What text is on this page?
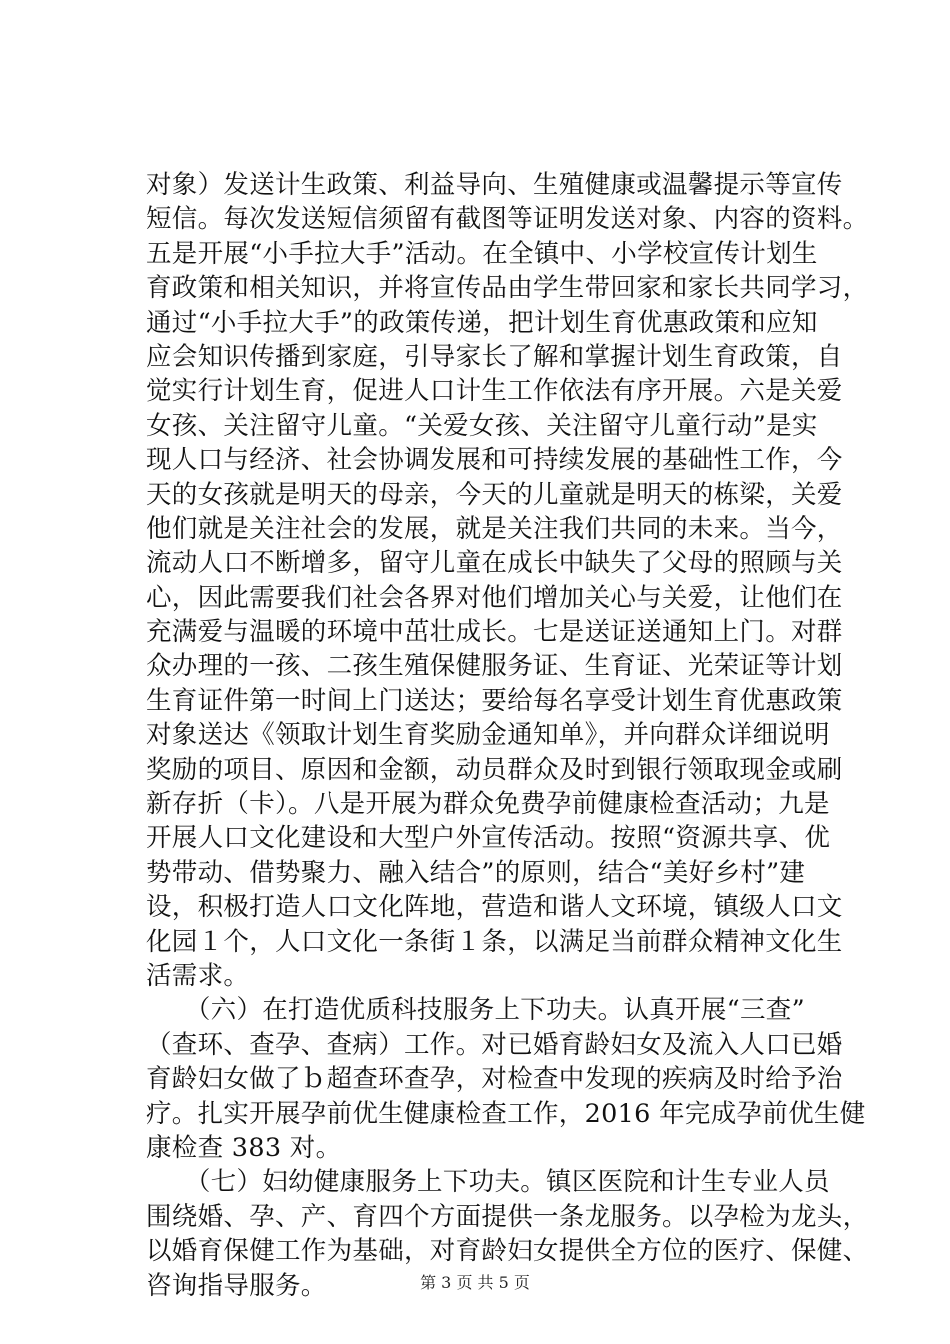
对象）发送计生政策、利益导向、生殖健康或温馨提示等宣传
短信。每次发送短信须留有截图等证明发送对象、内容的资料。
五是开展“小手拉大手”活动。在全镇中、小学校宣传计划生
育政策和相关知识，并将宣传品由学生带回家和家长共同学习，
通过“小手拉大手”的政策传递，把计划生育优惠政策和应知
应会知识传播到家庭，引导家长了解和掌握计划生育政策，自
觉实行计划生育，促进人口计生工作依法有序开展。六是关爱
女孩、关注留守儿童。“关爱女孩、关注留守儿童行动”是实
现人口与经济、社会协调发展和可持续发展的基础性工作，今
天的女孩就是明天的母亲，今天的儿童就是明天的栋梁，关爱
他们就是关注社会的发展，就是关注我们共同的未来。当今，
流动人口不断增多，留守儿童在成长中缺失了父母的照顾与关
心，因此需要我们社会各界对他们增加关心与关爱，让他们在
充满爱与温暖的环境中茁壮成长。七是送证送通知上门。对群
众办理的一孩、二孩生殖保健服务证、生育证、光荣证等计划
生育证件第一时间上门送达；要给每名享受计划生育优惠政策
对象送达《领取计划生育奖励金通知单》，并向群众详细说明
奖励的项目、原因和金额，动员群众及时到银行领取现金或刷
新存折（卡）。八是开展为群众免费孕前健康检查活动；九是
开展人口文化建设和大型户外宣传活动。按照“资源共享、优
势带动、借势聚力、融入结合”的原则，结合“美好乡村”建
设，积极打造人口文化阵地，营造和谐人文环境，镇级人口文
化园１个，人口文化一条街１条，以满足当前群众精神文化生
活需求。
　　（六）在打造优质科技服务上下功夫。认真开展“三查”
（查环、查孕、查病）工作。对已婚育龄妇女及流入人口已婚
育龄妇女做了ｂ超查环查孕，对检查中发现的疾病及时给予治
疗。扎实开展孕前优生健康检查工作，2016 年完成孕前优生健
康检查 383 对。
　　（七）妇幼健康服务上下功夫。镇区医院和计生专业人员
围绕婚、孕、产、育四个方面提供一条龙服务。以孕检为龙头，
以婚育保健工作为基础，对育龄妇女提供全方位的医疗、保健、
咨询指导服务。	第 3 页 共 5 页
